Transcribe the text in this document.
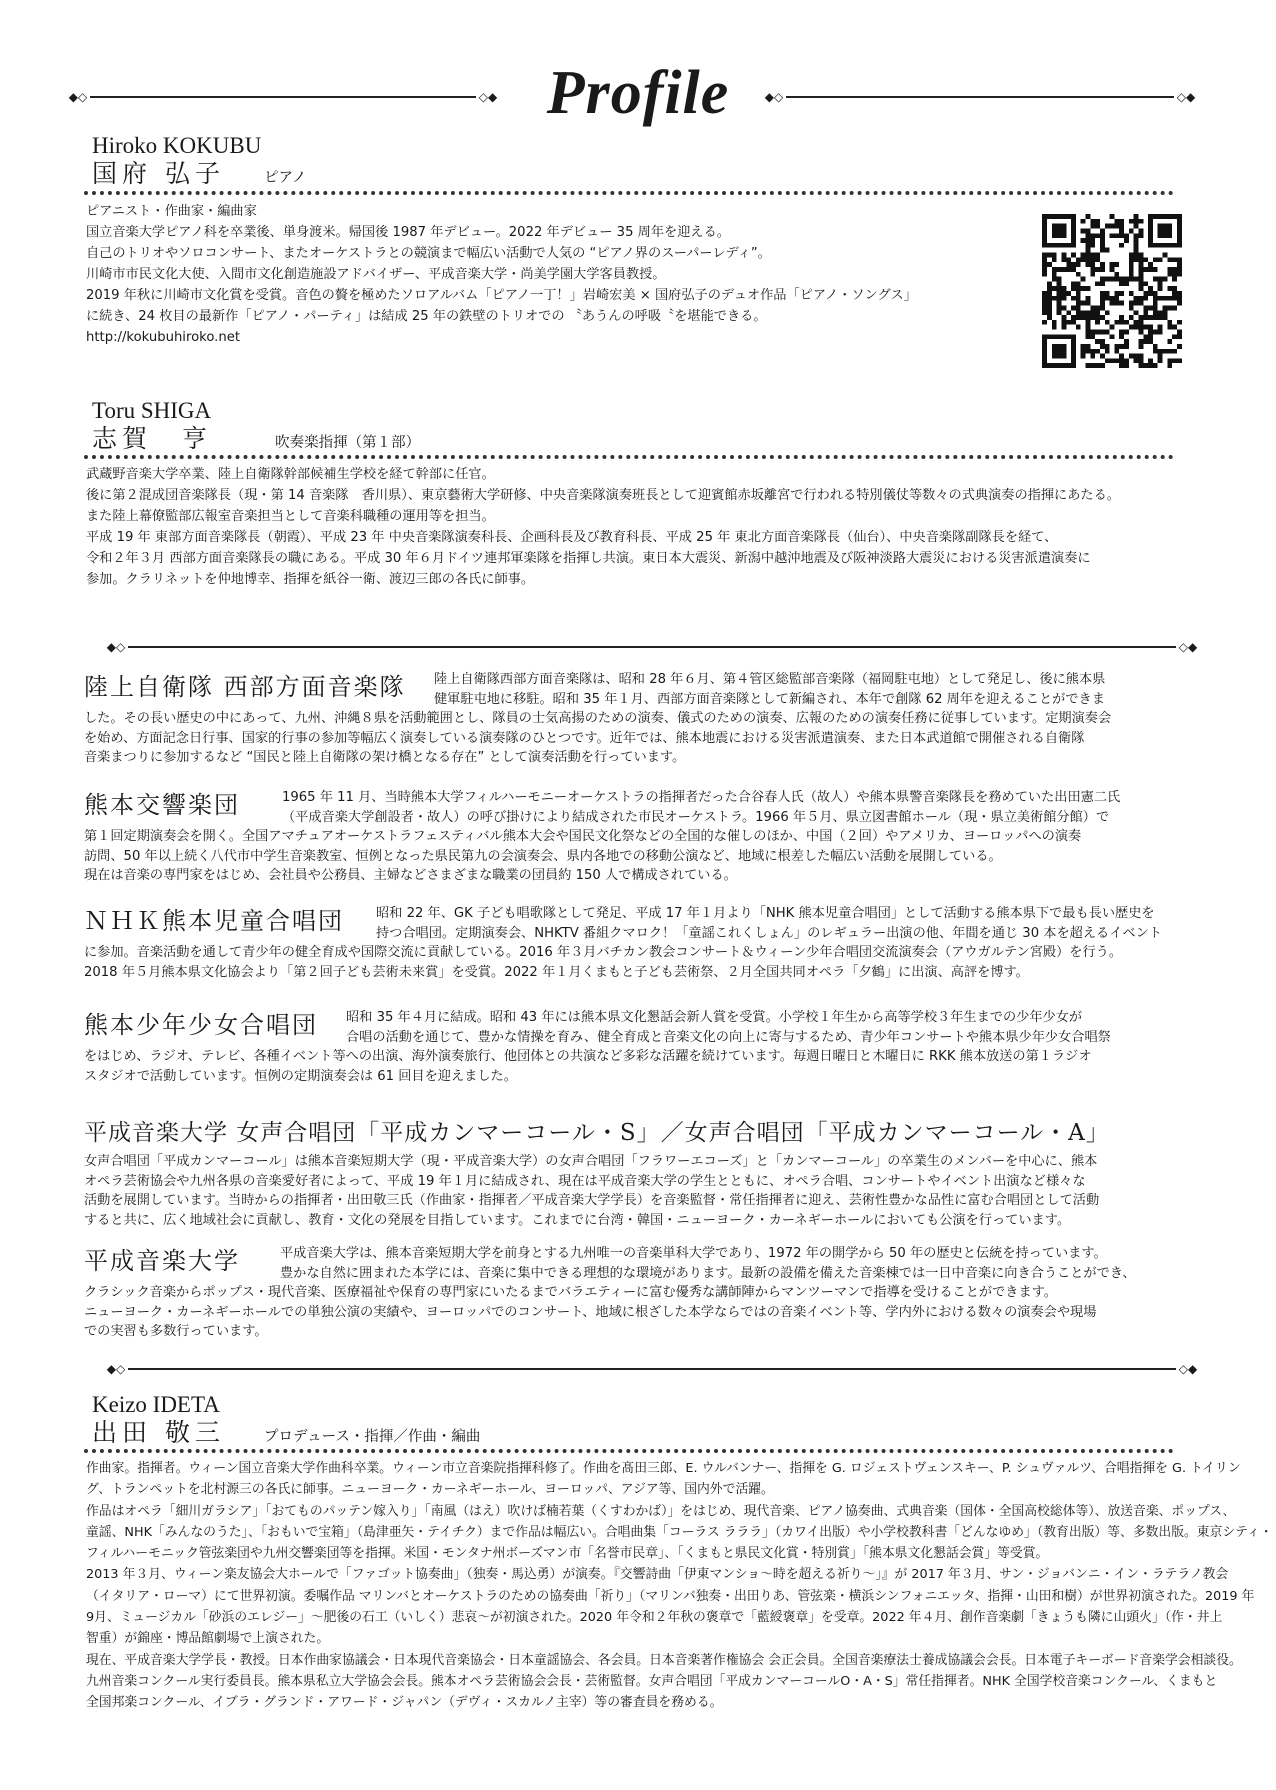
◆◇	◇◆ Profile	◆◇	◇◆
Hiroko KOKUBU
国府 弘子	ピアノ
ピアニスト・作曲家・編曲家
国立音楽大学ピアノ科を卒業後、単身渡米。帰国後 1987 年デビュー。2022 年デビュー 35 周年を迎える。
自己のトリオやソロコンサート、またオーケストラとの競演まで幅広い活動で人気の “ピアノ界のスーパーレディ”。
川崎市市民文化大使、入間市文化創造施設アドバイザー、平成音楽大学・尚美学園大学客員教授。
2019 年秋に川崎市文化賞を受賞。音色の贅を極めたソロアルバム「ピアノ一丁！」岩崎宏美 × 国府弘子のデュオ作品「ピアノ・ソングス」
に続き、24 枚目の最新作「ピアノ・パーティ」は結成 25 年の鉄壁のトリオでの 〝あうんの呼吸〝を堪能できる。
http://kokubuhiroko.net
Toru SHIGA
志賀　亨	吹奏楽指揮（第１部）
武蔵野音楽大学卒業、陸上自衛隊幹部候補生学校を経て幹部に任官。
後に第２混成団音楽隊長（現・第 14 音楽隊　香川県）、東京藝術大学研修、中央音楽隊演奏班長として迎賓館赤坂離宮で行われる特別儀仗等数々の式典演奏の指揮にあたる。
また陸上幕僚監部広報室音楽担当として音楽科職種の運用等を担当。
平成 19 年 東部方面音楽隊長（朝霞）、平成 23 年 中央音楽隊演奏科長、企画科長及び教育科長、平成 25 年 東北方面音楽隊長（仙台）、中央音楽隊副隊長を経て、
令和２年３月 西部方面音楽隊長の職にある。平成 30 年６月ドイツ連邦軍楽隊を指揮し共演。東日本大震災、新潟中越沖地震及び阪神淡路大震災における災害派遣演奏に
参加。クラリネットを仲地博幸、指揮を紙谷一衛、渡辺三郎の各氏に師事。
◆◇	◇◆
陸上自衛隊 西部方面音楽隊 陸上自衛隊西部方面音楽隊は、昭和 28 年６月、第４管区総監部音楽隊（福岡駐屯地）として発足し、後に熊本県
健軍駐屯地に移駐。昭和 35 年１月、西部方面音楽隊として新編され、本年で創隊 62 周年を迎えることができま
した。その長い歴史の中にあって、九州、沖縄８県を活動範囲とし、隊員の士気高揚のための演奏、儀式のための演奏、広報のための演奏任務に従事しています。定期演奏会
を始め、方面記念日行事、国家的行事の参加等幅広く演奏している演奏隊のひとつです。近年では、熊本地震における災害派遣演奏、また日本武道館で開催される自衛隊
音楽まつりに参加するなど “国民と陸上自衛隊の架け橋となる存在” として演奏活動を行っています。
熊本交響楽団	1965 年 11 月、当時熊本大学フィルハーモニーオーケストラの指揮者だった合谷春人氏（故人）や熊本県警音楽隊長を務めていた出田憲二氏
（平成音楽大学創設者・故人）の呼び掛けにより結成された市民オーケストラ。1966 年５月、県立図書館ホール（現・県立美術館分館）で
第１回定期演奏会を開く。全国アマチュアオーケストラフェスティバル熊本大会や国民文化祭などの全国的な催しのほか、中国（２回）やアメリカ、ヨーロッパへの演奏
訪問、50 年以上続く八代市中学生音楽教室、恒例となった県民第九の会演奏会、県内各地での移動公演など、地域に根差した幅広い活動を展開している。
現在は音楽の専門家をはじめ、会社員や公務員、主婦などさまざまな職業の団員約 150 人で構成されている。
ＮＨＫ熊本児童合唱団 昭和 22 年、GK 子ども唱歌隊として発足、平成 17 年１月より「NHK 熊本児童合唱団」として活動する熊本県下で最も長い歴史を
持つ合唱団。定期演奏会、NHKTV 番組クマロク！「童謡これくしょん」のレギュラー出演の他、年間を通じ 30 本を超えるイベント
に参加。音楽活動を通して青少年の健全育成や国際交流に貢献している。2016 年３月バチカン教会コンサート＆ウィーン少年合唱団交流演奏会（アウガルテン宮殿）を行う。
2018 年５月熊本県文化協会より「第２回子ども芸術未来賞」を受賞。2022 年１月くまもと子ども芸術祭、２月全国共同オペラ「夕鶴」に出演、高評を博す。
熊本少年少女合唱団 昭和 35 年４月に結成。昭和 43 年には熊本県文化懇話会新人賞を受賞。小学校１年生から高等学校３年生までの少年少女が
合唱の活動を通じて、豊かな情操を育み、健全育成と音楽文化の向上に寄与するため、青少年コンサートや熊本県少年少女合唱祭
をはじめ、ラジオ、テレビ、各種イベント等への出演、海外演奏旅行、他団体との共演など多彩な活躍を続けています。毎週日曜日と木曜日に RKK 熊本放送の第１ラジオ
スタジオで活動しています。恒例の定期演奏会は 61 回目を迎えました。
平成音楽大学 女声合唱団「平成カンマーコール・S」／女声合唱団「平成カンマーコール・A」
女声合唱団「平成カンマーコール」は熊本音楽短期大学（現・平成音楽大学）の女声合唱団「フラワーエコーズ」と「カンマーコール」の卒業生のメンバーを中心に、熊本
オペラ芸術協会や九州各県の音楽愛好者によって、平成 19 年１月に結成され、現在は平成音楽大学の学生とともに、オペラ合唱、コンサートやイベント出演など様々な
活動を展開しています。当時からの指揮者・出田敬三氏（作曲家・指揮者／平成音楽大学学長）を音楽監督・常任指揮者に迎え、芸術性豊かな品性に富む合唱団として活動
すると共に、広く地域社会に貢献し、教育・文化の発展を目指しています。これまでに台湾・韓国・ニューヨーク・カーネギーホールにおいても公演を行っています。
平成音楽大学	平成音楽大学は、熊本音楽短期大学を前身とする九州唯一の音楽単科大学であり、1972 年の開学から 50 年の歴史と伝統を持っています。
豊かな自然に囲まれた本学には、音楽に集中できる理想的な環境があります。最新の設備を備えた音楽棟では一日中音楽に向き合うことができ、
クラシック音楽からポップス・現代音楽、医療福祉や保育の専門家にいたるまでバラエティーに富む優秀な講師陣からマンツーマンで指導を受けることができます。
ニューヨーク・カーネギーホールでの単独公演の実績や、ヨーロッパでのコンサート、地域に根ざした本学ならではの音楽イベント等、学内外における数々の演奏会や現場
での実習も多数行っています。
◆◇	◇◆
Keizo IDETA
出田 敬三	プロデュース・指揮／作曲・編曲
作曲家。指揮者。ウィーン国立音楽大学作曲科卒業。ウィーン市立音楽院指揮科修了。作曲を髙田三郎、E. ウルバンナー、指揮を G. ロジェストヴェンスキー、P. シュヴァルツ、合唱指揮を G. トイリン
グ、トランペットを北村源三の各氏に師事。ニューヨーク・カーネギーホール、ヨーロッパ、アジア等、国内外で活躍。
作品はオペラ「細川ガラシア」「おてものパッテン嫁入り」「南風（はえ）吹けば楠若葉（くすわかば）」をはじめ、現代音楽、ピアノ協奏曲、式典音楽（国体・全国高校総体等）、放送音楽、ポップス、
童謡、NHK「みんなのうた」、「おもいで宝箱」（島津亜矢・テイチク）まで作品は幅広い。合唱曲集「コーラス ラララ」（カワイ出版）や小学校教科書「どんなゆめ」（教育出版）等、多数出版。東京シティ・
フィルハーモニック管弦楽団や九州交響楽団等を指揮。米国・モンタナ州ボーズマン市「名誉市民章」、「くまもと県民文化賞・特別賞」「熊本県文化懇話会賞」等受賞。
2013 年３月、ウィーン楽友協会大ホールで「ファゴット協奏曲」（独奏・馬込勇）が演奏。『交響詩曲「伊東マンショ〜時を超える祈り〜」』が 2017 年３月、サン・ジョバンニ・イン・ラテラノ教会
（イタリア・ローマ）にて世界初演。委嘱作品 マリンバとオーケストラのための協奏曲「祈り」（マリンバ独奏・出田りあ、管弦楽・横浜シンフォニエッタ、指揮・山田和樹）が世界初演された。2019 年
9月、ミュージカル「砂浜のエレジー」〜肥後の石工（いしく）悲哀〜が初演された。2020 年令和２年秋の褒章で「藍綬褒章」を受章。2022 年４月、創作音楽劇「きょうも隣に山頭火」（作・井上
智重）が錦座・博品館劇場で上演された。
現在、平成音楽大学学長・教授。日本作曲家協議会・日本現代音楽協会・日本童謡協会、各会員。日本音楽著作権協会 会正会員。全国音楽療法士養成協議会会長。日本電子キーボード音楽学会相談役。
九州音楽コンクール実行委員長。熊本県私立大学協会会長。熊本オペラ芸術協会会長・芸術監督。女声合唱団「平成カンマーコールO・A・S」常任指揮者。NHK 全国学校音楽コンクール、くまもと
全国邦楽コンクール、イブラ・グランド・アワード・ジャパン（デヴィ・スカルノ主宰）等の審査員を務める。
